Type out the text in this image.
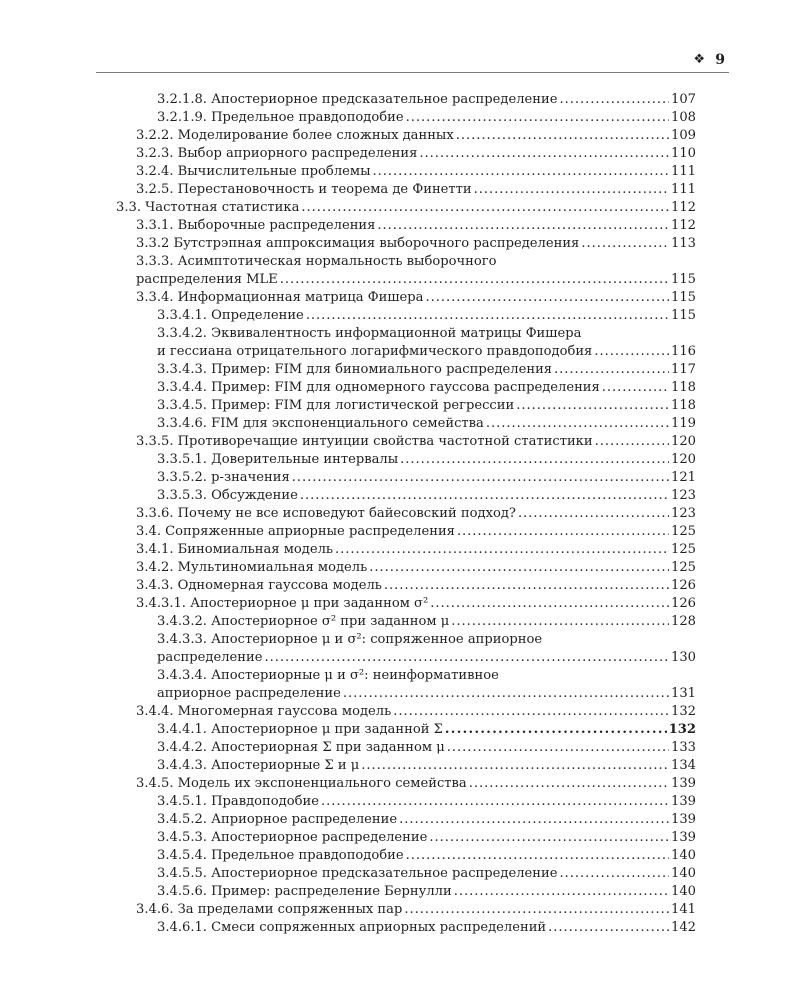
❖ 9
3.2.1.8. Апостериорное предсказательное распределение . . .	107
3.2.1.9. Предельное правдоподобие . . .	108
3.2.2. Моделирование более сложных данных . . .	109
3.2.3. Выбор априорного распределения . . .	110
3.2.4. Вычислительные проблемы . . .	111
3.2.5. Перестановочность и теорема де Финетти . . .	111
3.3. Частотная статистика . . .	112
3.3.1. Выборочные распределения . . .	112
3.3.2 Бутстрэпная аппроксимация выборочного распределения . . .	113
3.3.3. Асимптотическая нормальность выборочного
распределения MLE . . .	115
3.3.4. Информационная матрица Фишера . . .	115
3.3.4.1. Определение . . .	115
3.3.4.2. Эквивалентность информационной матрицы Фишера
и гессиана отрицательного логарифмического правдоподобия . . .	116
3.3.4.3. Пример: FIM для биномиального распределения . . .	117
3.3.4.4. Пример: FIM для одномерного гауссова распределения . . .	118
3.3.4.5. Пример: FIM для логистической регрессии . . .	118
3.3.4.6. FIM для экспоненциального семейства . . .	119
3.3.5. Противоречащие интуиции свойства частотной статистики . . .	120
3.3.5.1. Доверительные интервалы . . .	120
3.3.5.2. p-значения . . .	121
3.3.5.3. Обсуждение . . .	123
3.3.6. Почему не все исповедуют байесовский подход? . . .	123
3.4. Сопряженные априорные распределения . . .	125
3.4.1. Биномиальная модель . . .	125
3.4.2. Мультиномиальная модель . . .	125
3.4.3. Одномерная гауссова модель . . .	126
3.4.3.1. Апостериорное μ при заданном σ² . . .	126
3.4.3.2. Апостериорное σ² при заданном μ . . .	128
3.4.3.3. Апостериорное μ и σ²: сопряженное априорное
распределение . . .	130
3.4.3.4. Апостериорные μ и σ²: неинформативное
априорное распределение . . .	131
3.4.4. Многомерная гауссова модель . . .	132
3.4.4.1. Апостериорное μ при заданной Σ . . .	132
3.4.4.2. Апостериорная Σ при заданном μ . . .	133
3.4.4.3. Апостериорные Σ и μ . . .	134
3.4.5. Модель их экспоненциального семейства . . .	139
3.4.5.1. Правдоподобие . . .	139
3.4.5.2. Априорное распределение . . .	139
3.4.5.3. Апостериорное распределение . . .	139
3.4.5.4. Предельное правдоподобие . . .	140
3.4.5.5. Апостериорное предсказательное распределение . . .	140
3.4.5.6. Пример: распределение Бернулли . . .	140
3.4.6. За пределами сопряженных пар . . .	141
3.4.6.1. Смеси сопряженных априорных распределений . . .	142
